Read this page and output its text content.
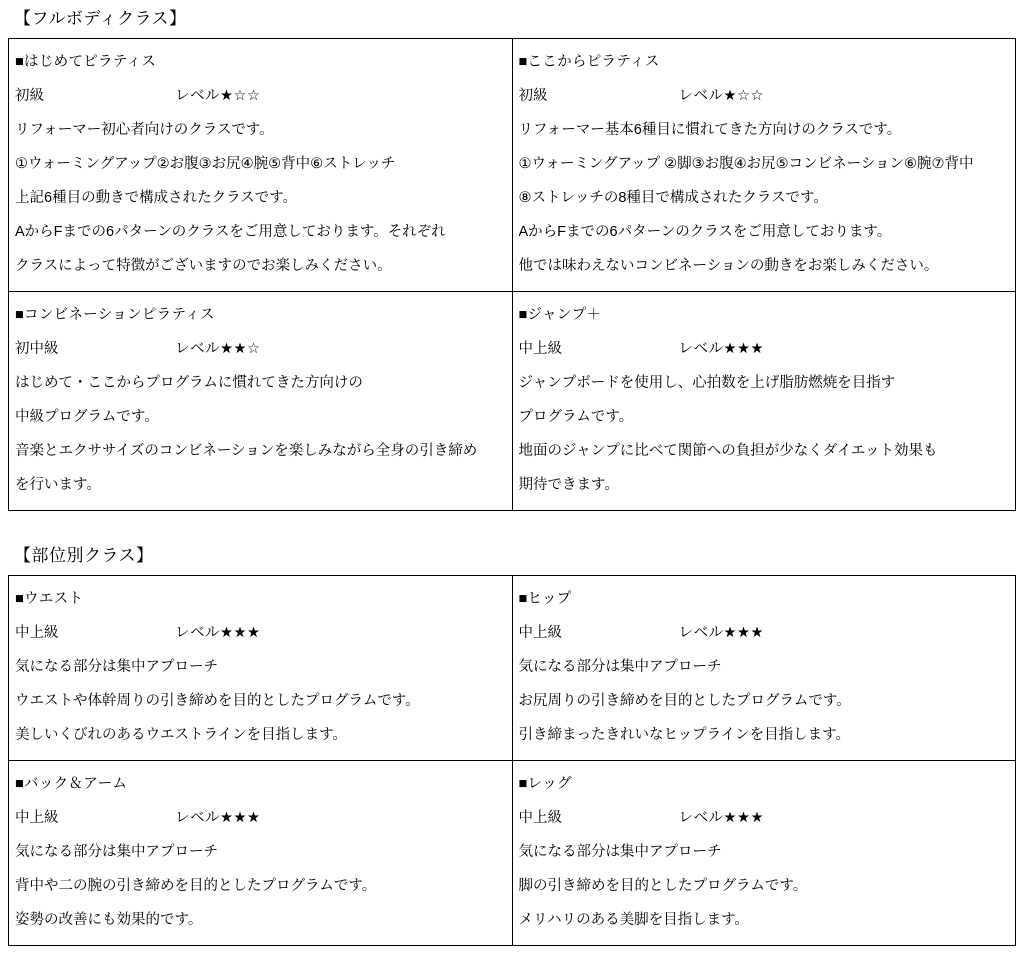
【フルボディクラス】
■はじめてピラティス
初級	レベル★☆☆
リフォーマー初心者向けのクラスです。
①ウォーミングアップ②お腹③お尻④腕⑤背中⑥ストレッチ
上記6種目の動きで構成されたクラスです。
AからFまでの6パターンのクラスをご用意しております。それぞれ
クラスによって特徴がございますのでお楽しみください。

■ここからピラティス
初級	レベル★☆☆
リフォーマー基本6種目に慣れてきた方向けのクラスです。
①ウォーミングアップ ②脚③お腹④お尻⑤コンビネーション⑥腕⑦背中
⑧ストレッチの8種目で構成されたクラスです。
AからFまでの6パターンのクラスをご用意しております。
他では味わえないコンビネーションの動きをお楽しみください。

■コンビネーションピラティス
初中級	レベル★★☆
はじめて・ここからプログラムに慣れてきた方向けの
中級プログラムです。
音楽とエクササイズのコンビネーションを楽しみながら全身の引き締め
を行います。

■ジャンプ＋
中上級	レベル★★★
ジャンプボードを使用し、心拍数を上げ脂肪燃焼を目指す
プログラムです。
地面のジャンプに比べて関節への負担が少なくダイエット効果も
期待できます。
【部位別クラス】
■ウエスト
中上級	レベル★★★
気になる部分は集中アプローチ
ウエストや体幹周りの引き締めを目的としたプログラムです。
美しいくびれのあるウエストラインを目指します。

■ヒップ
中上級	レベル★★★
気になる部分は集中アプローチ
お尻周りの引き締めを目的としたプログラムです。
引き締まったきれいなヒップラインを目指します。

■バック＆アーム
中上級	レベル★★★
気になる部分は集中アプローチ
背中や二の腕の引き締めを目的としたプログラムです。
姿勢の改善にも効果的です。

■レッグ
中上級	レベル★★★
気になる部分は集中アプローチ
脚の引き締めを目的としたプログラムです。
メリハリのある美脚を目指します。
